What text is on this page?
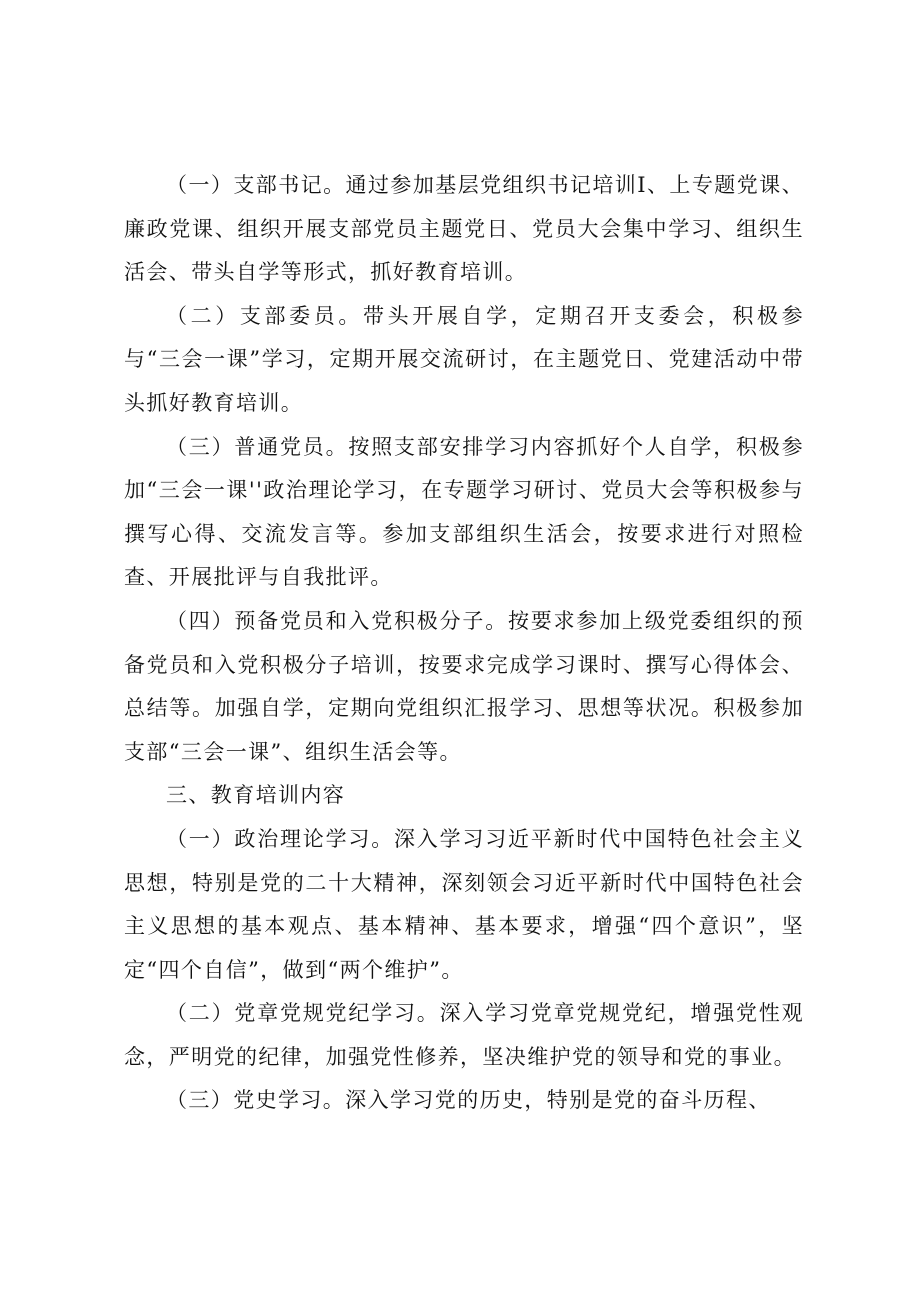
（一）支部书记。通过参加基层党组织书记培训I、上专题党课、廉政党课、组织开展支部党员主题党日、党员大会集中学习、组织生活会、带头自学等形式，抓好教育培训。

（二）支部委员。带头开展自学，定期召开支委会，积极参与“三会一课”学习，定期开展交流研讨，在主题党日、党建活动中带头抓好教育培训。

（三）普通党员。按照支部安排学习内容抓好个人自学，积极参加“三会一课''政治理论学习，在专题学习研讨、党员大会等积极参与撰写心得、交流发言等。参加支部组织生活会，按要求进行对照检查、开展批评与自我批评。

（四）预备党员和入党积极分子。按要求参加上级党委组织的预备党员和入党积极分子培训，按要求完成学习课时、撰写心得体会、总结等。加强自学，定期向党组织汇报学习、思想等状况。积极参加支部“三会一课”、组织生活会等。

三、教育培训内容

（一）政治理论学习。深入学习习近平新时代中国特色社会主义思想，特别是党的二十大精神，深刻领会习近平新时代中国特色社会主义思想的基本观点、基本精神、基本要求，增强“四个意识”，坚定“四个自信”，做到“两个维护”。

（二）党章党规党纪学习。深入学习党章党规党纪，增强党性观念，严明党的纪律，加强党性修养，坚决维护党的领导和党的事业。

（三）党史学习。深入学习党的历史，特别是党的奋斗历程、
